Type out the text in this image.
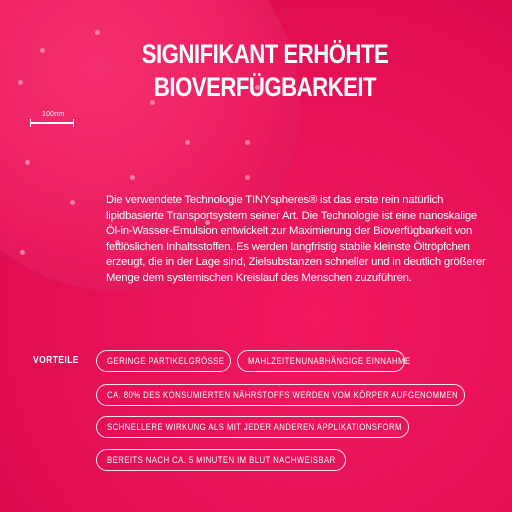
100nm
SIGNIFIKANT ERHÖHTE
BIOVERFÜGBARKEIT
Die verwendete Technologie TINYspheres® ist das erste rein natürlich lipidbasierte Transportsystem seiner Art. Die Technologie ist eine nanoskalige Öl-in-Wasser-Emulsion entwickelt zur Maximierung der Bioverfügbarkeit von fettlöslichen Inhaltsstoffen. Es werden langfristig stabile kleinste Öltröpfchen erzeugt, die in der Lage sind, Zielsubstanzen schneller und in deutlich größerer Menge dem systemischen Kreislauf des Menschen zuzuführen.
VORTEILE	GERINGE PARTIKELGRÖSSE	MAHLZEITENUNABHÄNGIGE EINNAHME
CA. 80% DES KONSUMIERTEN NÄHRSTOFFS WERDEN VOM KÖRPER AUFGENOMMEN
SCHNELLERE WIRKUNG ALS MIT JEDER ANDEREN APPLIKATIONSFORM
BEREITS NACH CA. 5 MINUTEN IM BLUT NACHWEISBAR
